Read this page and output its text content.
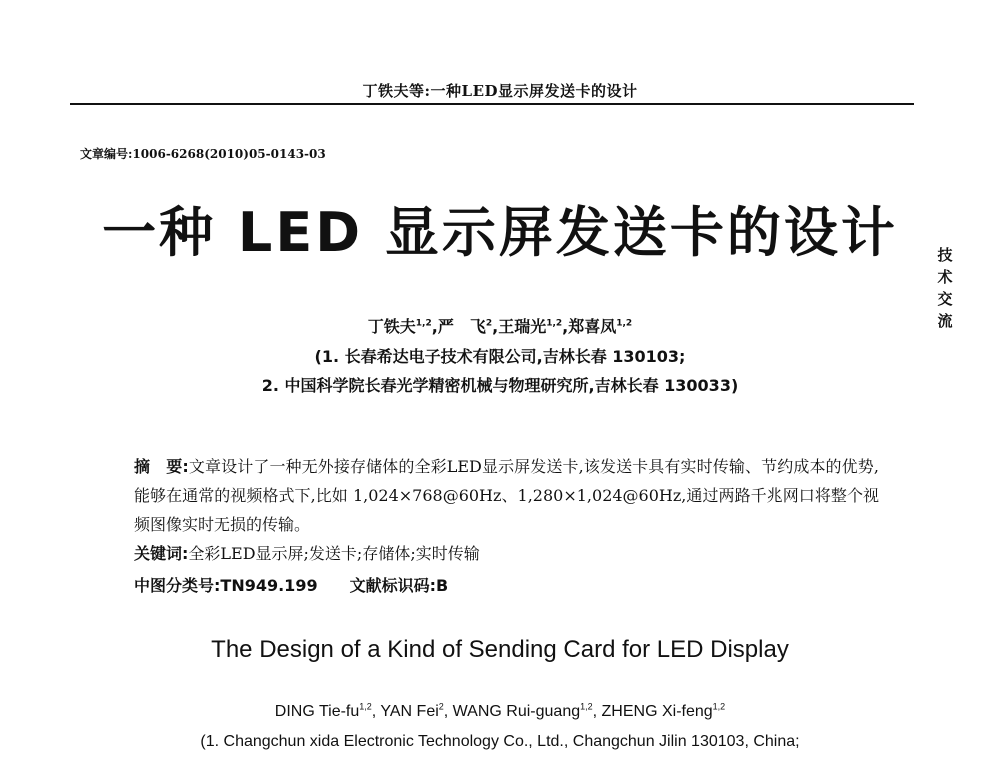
丁铁夫等:一种LED显示屏发送卡的设计
文章编号:1006-6268(2010)05-0143-03
一种 LED 显示屏发送卡的设计	技
术
交
流
丁铁夫$^{1,2}$,严　飞$^2$,王瑞光$^{1,2}$,郑喜凤$^{1,2}$
(1. 长春希达电子技术有限公司,吉林长春 130103;
2. 中国科学院长春光学精密机械与物理研究所,吉林长春 130033)
摘　要:文章设计了一种无外接存储体的全彩LED显示屏发送卡,该发送卡具有实时传输、节约成本的优势,能够在通常的视频格式下,比如 1,024×768@60Hz、1,280×1,024@60Hz,通过两路千兆网口将整个视频图像实时无损的传输。
关键词:全彩LED显示屏;发送卡;存储体;实时传输
中图分类号:TN949.199 文献标识码:B
The Design of a Kind of Sending Card for LED Display
DING Tie-fu$^{1,2}$, YAN Fei$^2$, WANG Rui-guang$^{1,2}$, ZHENG Xi-feng$^{1,2}$
(1. Changchun xida Electronic Technology Co., Ltd., Changchun Jilin 130103, China;
